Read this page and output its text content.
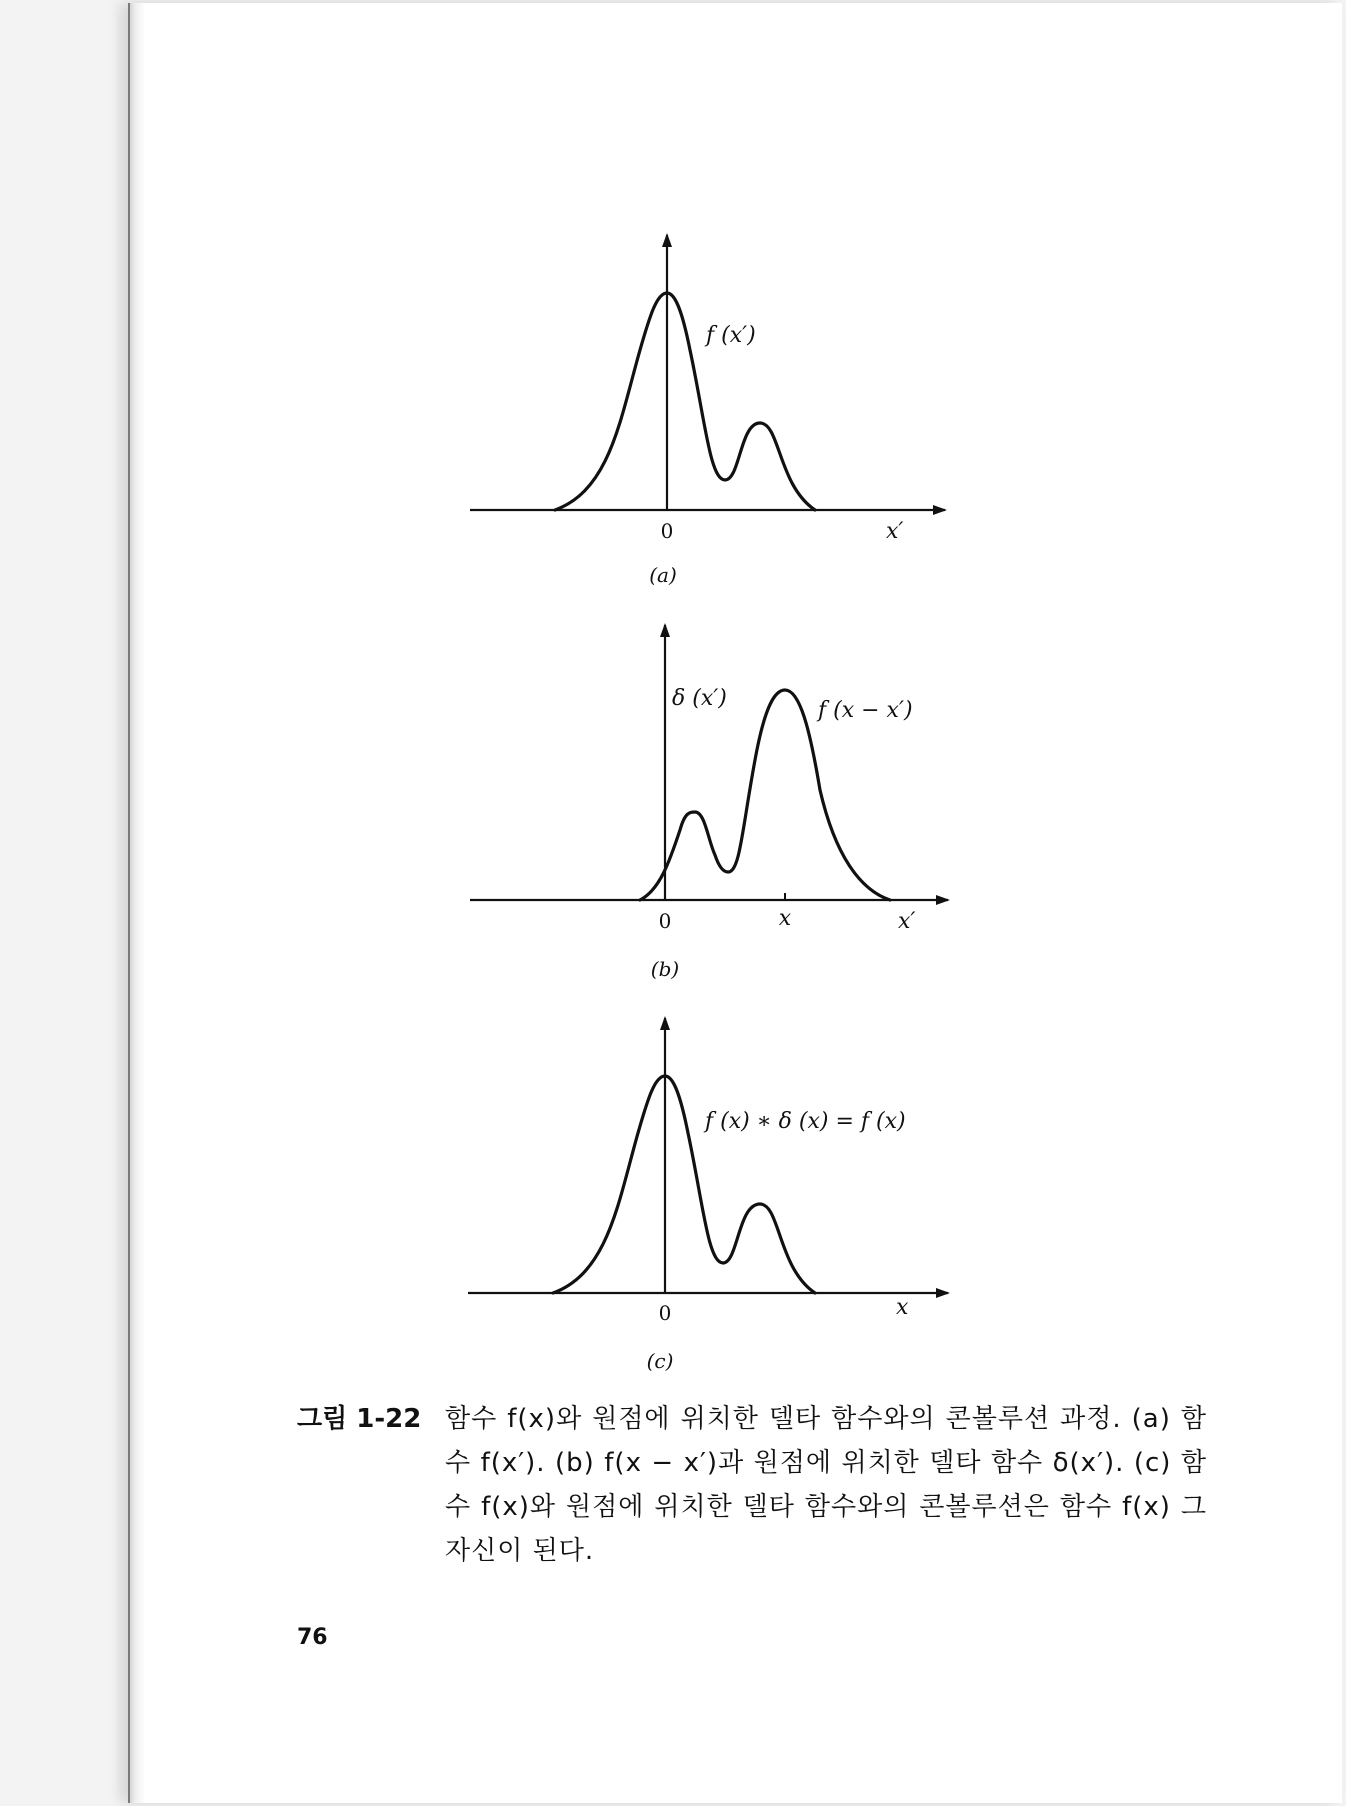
f (x′)
0	x′
(a)
δ (x′)	f (x − x′)
0	x	x′
(b)
f (x) ∗ δ (x) = f (x)
0	x
(c)
그림 1-22 함수 f(x)와 원점에 위치한 델타 함수와의 콘볼루션 과정. (a) 함수 f(x′). (b) f(x − x′)과 원점에 위치한 델타 함수 δ(x′). (c) 함수 f(x)와 원점에 위치한 델타 함수와의 콘볼루션은 함수 f(x) 그 자신이 된다.
76
